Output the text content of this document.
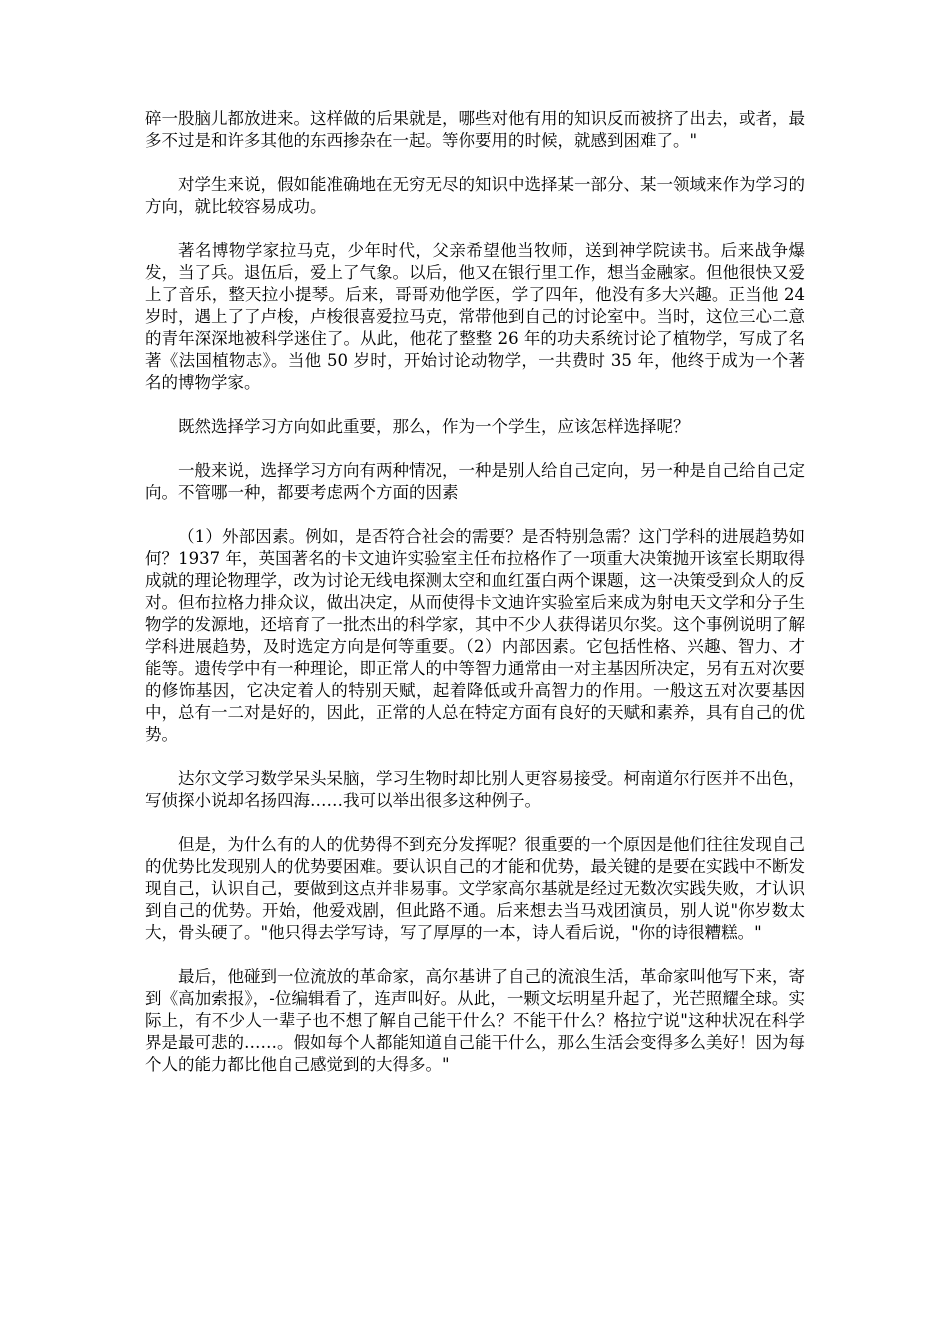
碎一股脑儿都放进来。这样做的后果就是，哪些对他有用的知识反而被挤了出去，或者，最多不过是和许多其他的东西掺杂在一起。等你要用的时候，就感到困难了。"

对学生来说，假如能准确地在无穷无尽的知识中选择某一部分、某一领域来作为学习的方向，就比较容易成功。

著名博物学家拉马克，少年时代，父亲希望他当牧师，送到神学院读书。后来战争爆发，当了兵。退伍后，爱上了气象。以后，他又在银行里工作，想当金融家。但他很快又爱上了音乐，整天拉小提琴。后来，哥哥劝他学医，学了四年，他没有多大兴趣。正当他 24 岁时，遇上了了卢梭，卢梭很喜爱拉马克，常带他到自己的讨论室中。当时，这位三心二意的青年深深地被科学迷住了。从此，他花了整整 26 年的功夫系统讨论了植物学，写成了名著《法国植物志》。当他 50 岁时，开始讨论动物学，一共费时 35 年，他终于成为一个著名的博物学家。

既然选择学习方向如此重要，那么，作为一个学生，应该怎样选择呢？

一般来说，选择学习方向有两种情况，一种是别人给自己定向，另一种是自己给自己定向。不管哪一种，都要考虑两个方面的因素

（1）外部因素。例如，是否符合社会的需要？是否特别急需？这门学科的进展趋势如何？1937 年，英国著名的卡文迪许实验室主任布拉格作了一项重大决策抛开该室长期取得成就的理论物理学，改为讨论无线电探测太空和血红蛋白两个课题，这一决策受到众人的反对。但布拉格力排众议，做出决定，从而使得卡文迪许实验室后来成为射电天文学和分子生物学的发源地，还培育了一批杰出的科学家，其中不少人获得诺贝尔奖。这个事例说明了解学科进展趋势，及时选定方向是何等重要。（2）内部因素。它包括性格、兴趣、智力、才能等。遗传学中有一种理论，即正常人的中等智力通常由一对主基因所决定，另有五对次要的修饰基因，它决定着人的特别天赋，起着降低或升高智力的作用。一般这五对次要基因中，总有一二对是好的，因此，正常的人总在特定方面有良好的天赋和素养，具有自己的优势。

达尔文学习数学呆头呆脑，学习生物时却比别人更容易接受。柯南道尔行医并不出色，写侦探小说却名扬四海……我可以举出很多这种例子。

但是，为什么有的人的优势得不到充分发挥呢？很重要的一个原因是他们往往发现自己的优势比发现别人的优势要困难。要认识自己的才能和优势，最关键的是要在实践中不断发现自己，认识自己，要做到这点并非易事。文学家高尔基就是经过无数次实践失败，才认识到自己的优势。开始，他爱戏剧，但此路不通。后来想去当马戏团演员，别人说"你岁数太大，骨头硬了。"他只得去学写诗，写了厚厚的一本，诗人看后说，"你的诗很糟糕。"

最后，他碰到一位流放的革命家，高尔基讲了自己的流浪生活，革命家叫他写下来，寄到《高加索报》，-位编辑看了，连声叫好。从此，一颗文坛明星升起了，光芒照耀全球。实际上，有不少人一辈子也不想了解自己能干什么？不能干什么？格拉宁说"这种状况在科学界是最可悲的……。假如每个人都能知道自己能干什么，那么生活会变得多么美好！因为每个人的能力都比他自己感觉到的大得多。"
